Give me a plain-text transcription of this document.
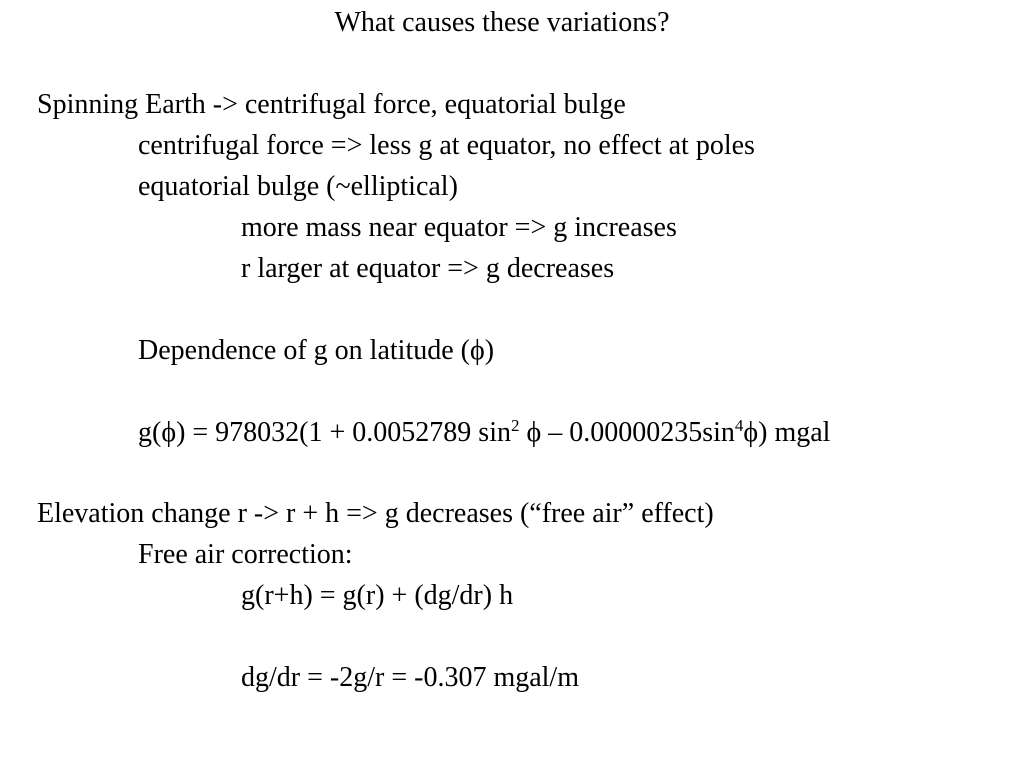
What causes these variations?
Spinning Earth -> centrifugal force, equatorial bulge
centrifugal force => less g at equator, no effect at poles
equatorial bulge (~elliptical)
more mass near equator => g increases
r larger at equator => g decreases
Dependence of g on latitude (ϕ)
g(ϕ) = 978032(1 + 0.0052789 $\sin^2 \phi - 0.00000235\sin^4\phi$) mgal
Elevation change r -> r + h => g decreases (“free air” effect)
Free air correction:
g(r+h) = g(r) + (dg/dr) h
dg/dr = -2g/r = -0.307 mgal/m
